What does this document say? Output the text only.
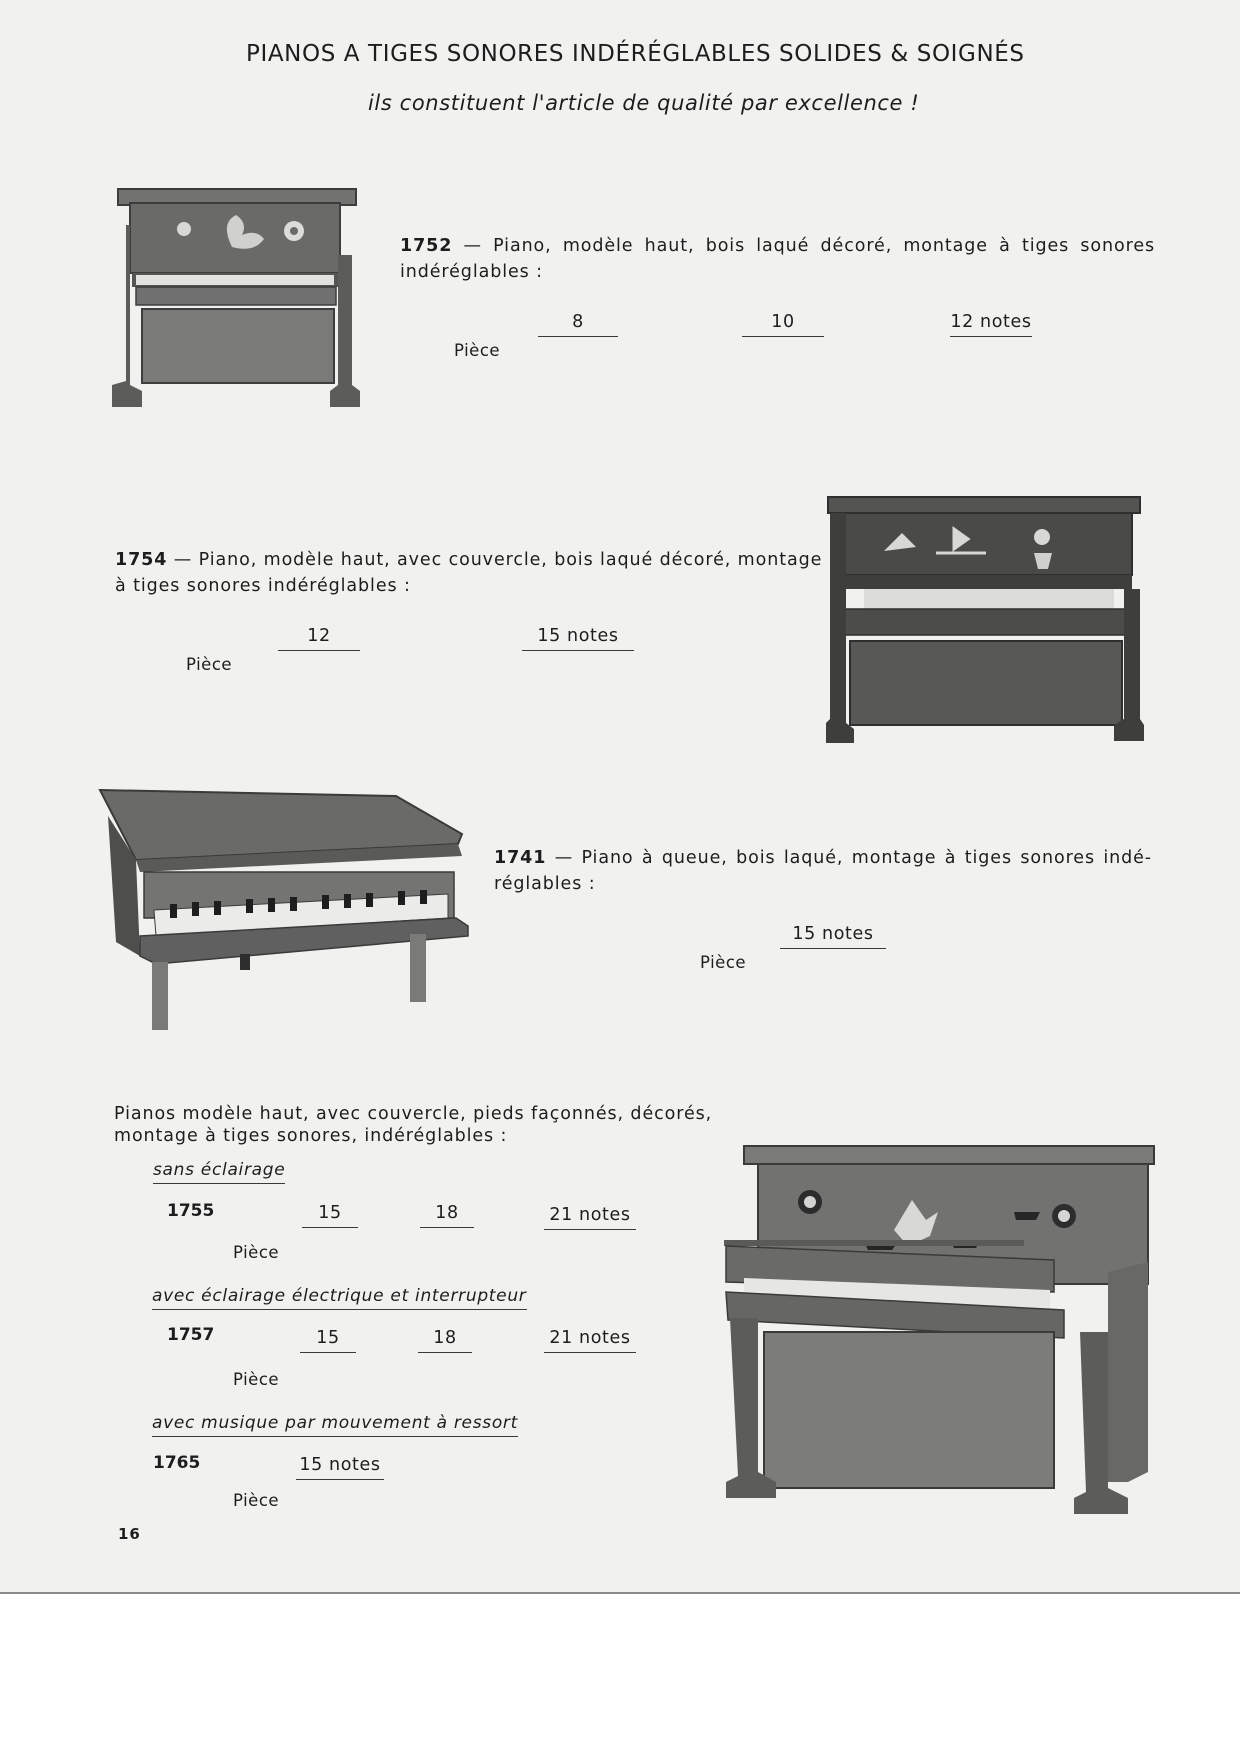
PIANOS A TIGES SONORES INDÉRÉGLABLES SOLIDES & SOIGNÉS
ils constituent l'article de qualité par excellence !
1752 — Piano, modèle haut, bois laqué décoré, montage à tiges sonores
indéréglables :
8	10	12 notes
Pièce
1754 — Piano, modèle haut, avec couvercle, bois laqué décoré, montage
à tiges sonores indéréglables :
12	15 notes
Pièce
1741 — Piano à queue, bois laqué, montage à tiges sonores indé-
réglables :
15 notes
Pièce
Pianos modèle haut, avec couvercle, pieds façonnés, décorés,
montage à tiges sonores, indéréglables :
sans éclairage
1755	15	18	21 notes
Pièce
avec éclairage électrique et interrupteur
1757	15	18	21 notes
Pièce
avec musique par mouvement à ressort
1765	15 notes
Pièce
16
